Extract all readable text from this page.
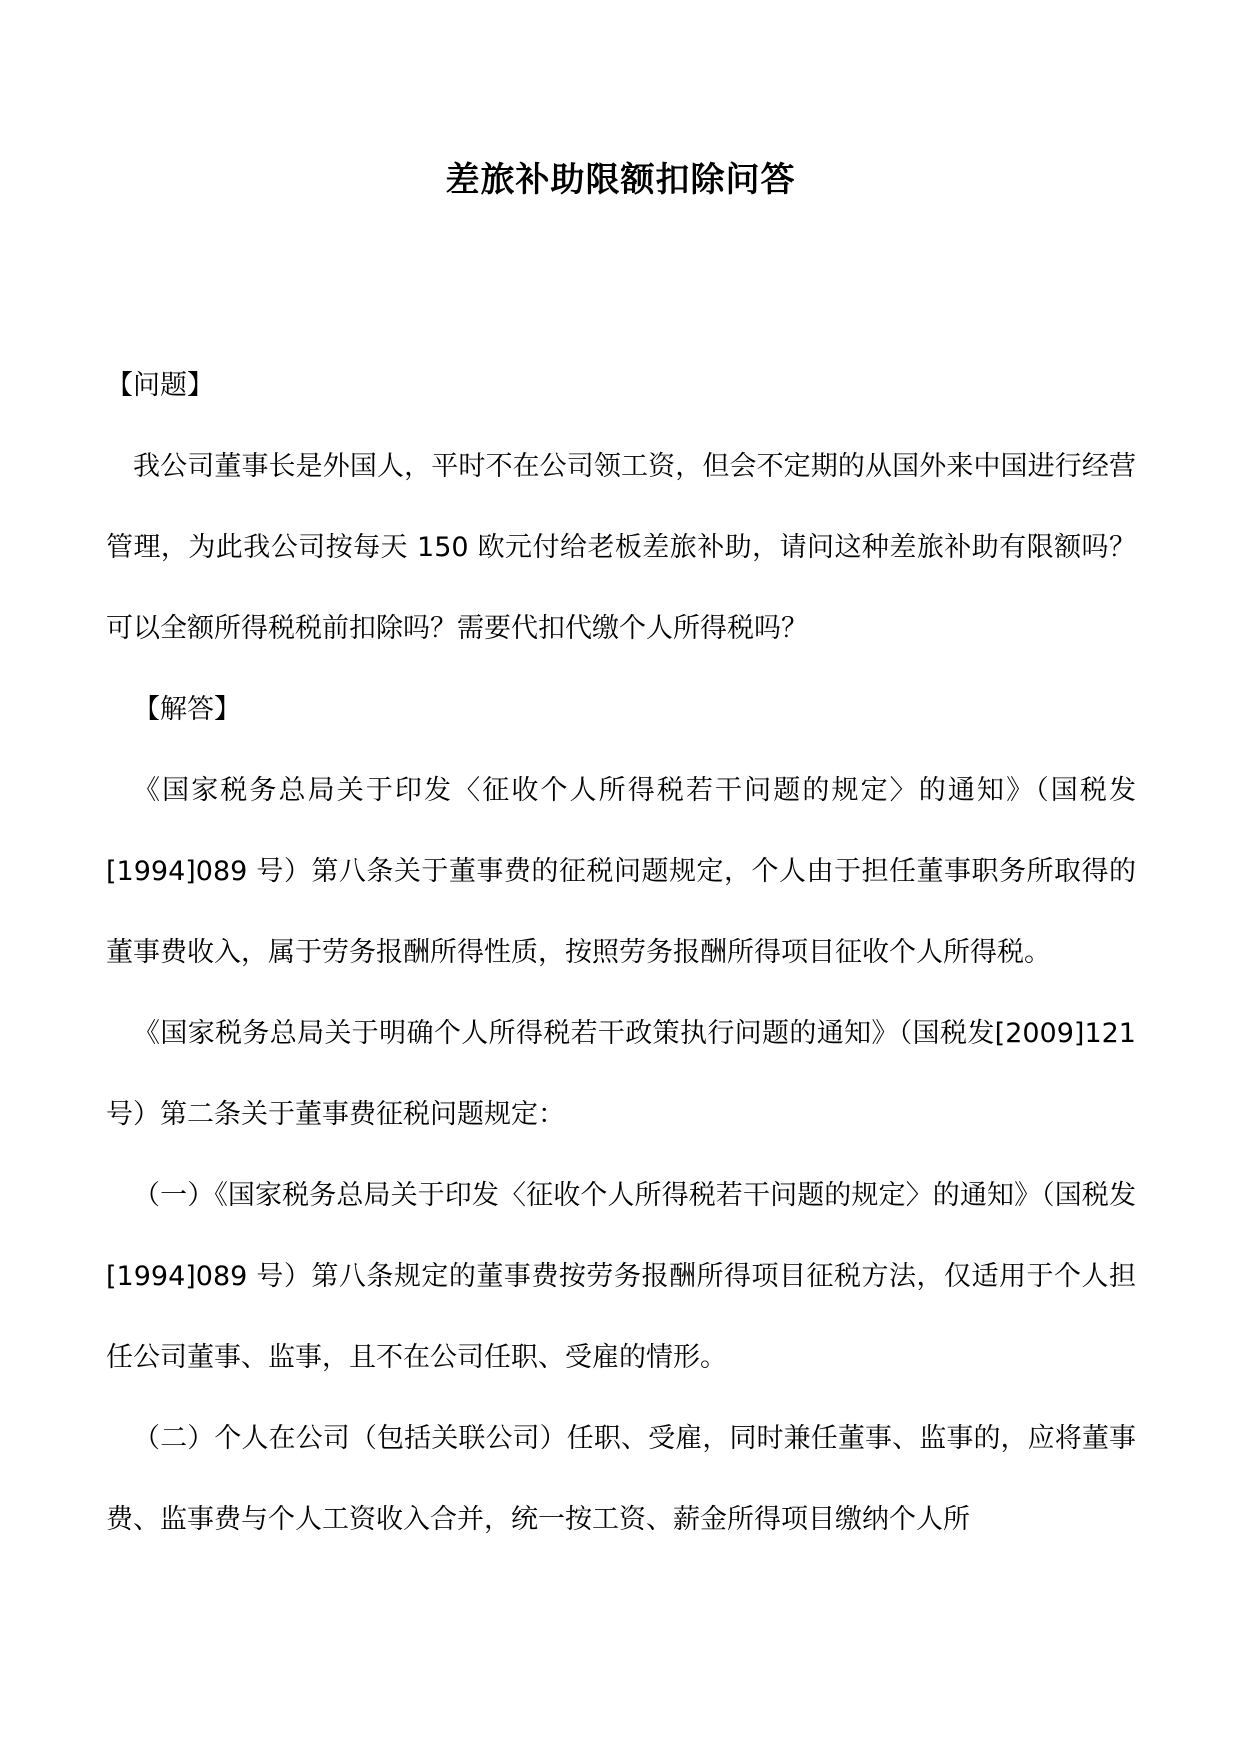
差旅补助限额扣除问答

【问题】

我公司董事长是外国人，平时不在公司领工资，但会不定期的从国外来中国进行经营管理，为此我公司按每天 150 欧元付给老板差旅补助，请问这种差旅补助有限额吗？可以全额所得税税前扣除吗？需要代扣代缴个人所得税吗？

【解答】

《国家税务总局关于印发〈征收个人所得税若干问题的规定〉的通知》（国税发[1994]089 号）第八条关于董事费的征税问题规定，个人由于担任董事职务所取得的董事费收入，属于劳务报酬所得性质，按照劳务报酬所得项目征收个人所得税。

《国家税务总局关于明确个人所得税若干政策执行问题的通知》（国税发[2009]121 号）第二条关于董事费征税问题规定：

（一）《国家税务总局关于印发〈征收个人所得税若干问题的规定〉的通知》（国税发[1994]089 号）第八条规定的董事费按劳务报酬所得项目征税方法，仅适用于个人担任公司董事、监事，且不在公司任职、受雇的情形。

（二）个人在公司（包括关联公司）任职、受雇，同时兼任董事、监事的，应将董事费、监事费与个人工资收入合并，统一按工资、薪金所得项目缴纳个人所
